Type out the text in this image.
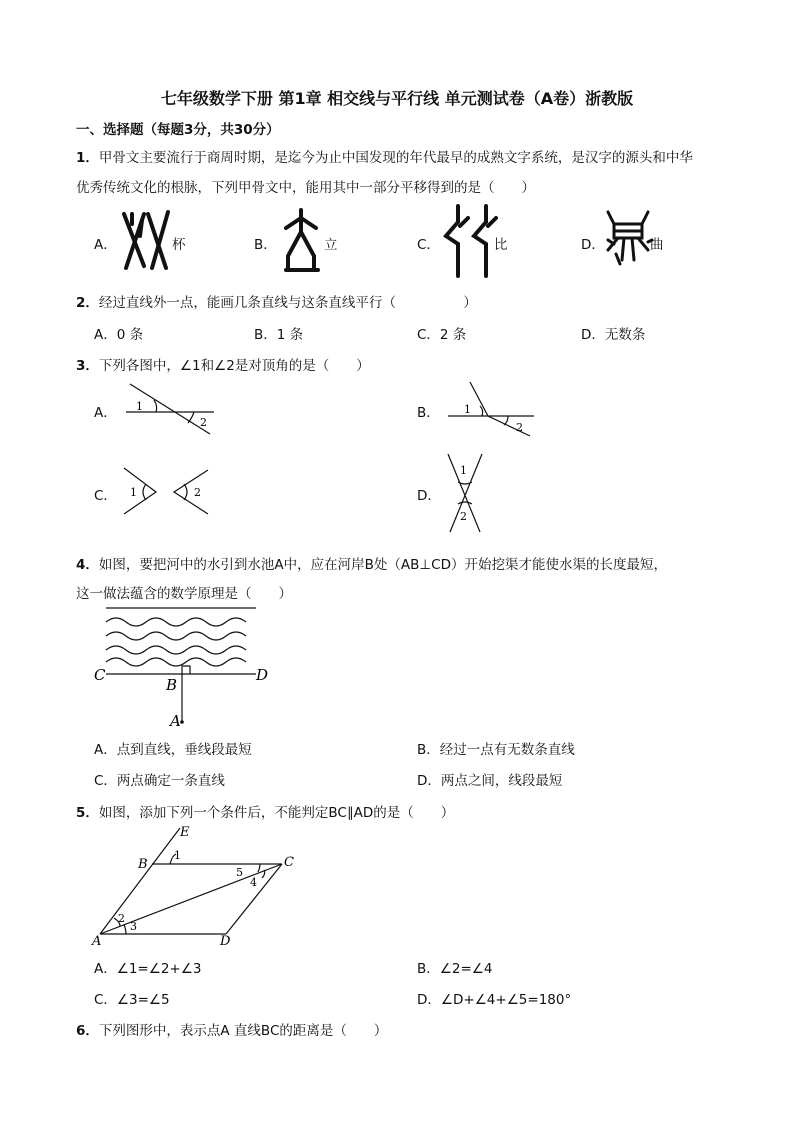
七年级数学下册 第1章 相交线与平行线 单元测试卷（A卷）浙教版
一、选择题（每题3分，共30分）
1．甲骨文主要流行于商周时期，是迄今为止中国发现的年代最早的成熟文字系统，是汉字的源头和中华
优秀传统文化的根脉，下列甲骨文中，能用其中一部分平移得到的是（　　）
A．	杯	B．	立	C．	比	D．	曲
2．经过直线外一点，能画几条直线与这条直线平行（　　　　　）
A．0 条	B．1 条	C．2 条	D．无数条
3．下列各图中，∠1和∠2是对顶角的是（　　）
A． 1
2
B． 1
2
C． 1	2	D．
1
2
4．如图，要把河中的水引到水池A中，应在河岸B处（AB⊥CD）开始挖渠才能使水渠的长度最短，
这一做法蕴含的数学原理是（　　）
C
B
D
A
A．点到直线，垂线段最短	B．经过一点有无数条直线
C．两点确定一条直线	D．两点之间，线段最短
5．如图，添加下列一个条件后，不能判定BC∥AD的是（　　）
E
B	C
A	D
1
2
3
4
5
A．∠1=∠2+∠3	B．∠2=∠4
C．∠3=∠5	D．∠D+∠4+∠5=180°
6．下列图形中，表示点A 直线BC的距离是（　　）
